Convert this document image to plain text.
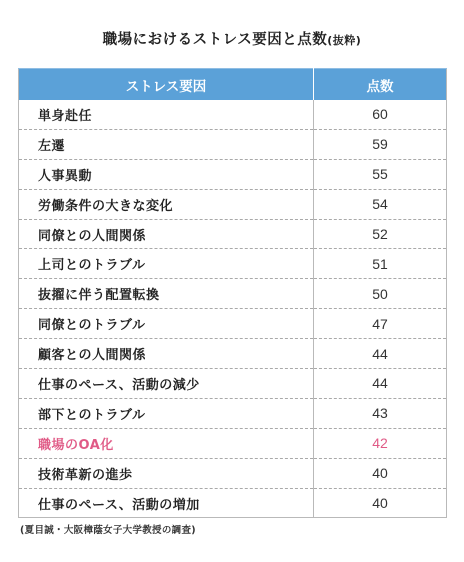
職場におけるストレス要因と点数(抜粋)
ストレス要因	点数
単身赴任	60
左遷	59
人事異動	55
労働条件の大きな変化	54
同僚との人間関係	52
上司とのトラブル	51
抜擢に伴う配置転換	50
同僚とのトラブル	47
顧客との人間関係	44
仕事のペース、活動の減少	44
部下とのトラブル	43
職場のOA化	42
技術革新の進歩	40
仕事のペース、活動の増加	40
(夏目誠・大阪樟蔭女子大学教授の調査)
